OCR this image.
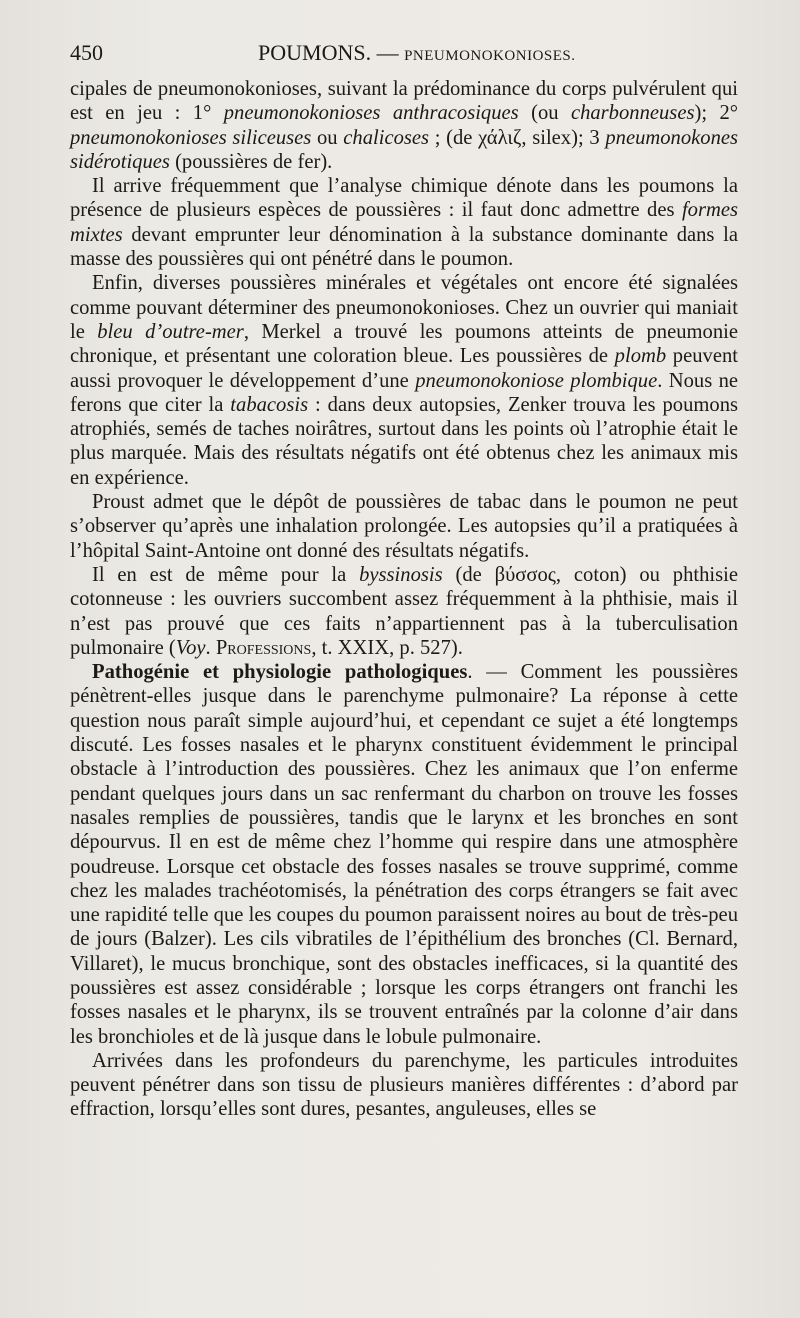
450	POUMONS. — PNEUMONOKONIOSES.

cipales de pneumonokonioses, suivant la prédominance du corps pulvérulent qui est en jeu : 1° pneumonokonioses anthracosiques (ou charbonneuses); 2° pneumonokonioses siliceuses ou chalicoses ; (de χάλιζ, silex); 3 pneumonokones sidérotiques (poussières de fer).

Il arrive fréquemment que l’analyse chimique dénote dans les poumons la présence de plusieurs espèces de poussières : il faut donc admettre des formes mixtes devant emprunter leur dénomination à la substance dominante dans la masse des poussières qui ont pénétré dans le poumon.

Enfin, diverses poussières minérales et végétales ont encore été signalées comme pouvant déterminer des pneumonokonioses. Chez un ouvrier qui maniait le bleu d’outre-mer, Merkel a trouvé les poumons atteints de pneumonie chronique, et présentant une coloration bleue. Les poussières de plomb peuvent aussi provoquer le développement d’une pneumonokoniose plombique. Nous ne ferons que citer la tabacosis : dans deux autopsies, Zenker trouva les poumons atrophiés, semés de taches noirâtres, surtout dans les points où l’atrophie était le plus marquée. Mais des résultats négatifs ont été obtenus chez les animaux mis en expérience.

Proust admet que le dépôt de poussières de tabac dans le poumon ne peut s’observer qu’après une inhalation prolongée. Les autopsies qu’il a pratiquées à l’hôpital Saint-Antoine ont donné des résultats négatifs.

Il en est de même pour la byssinosis (de βύσσος, coton) ou phthisie cotonneuse : les ouvriers succombent assez fréquemment à la phthisie, mais il n’est pas prouvé que ces faits n’appartiennent pas à la tuberculisation pulmonaire (Voy. Professions, t. XXIX, p. 527).

Pathogénie et physiologie pathologiques. — Comment les poussières pénètrent-elles jusque dans le parenchyme pulmonaire? La réponse à cette question nous paraît simple aujourd’hui, et cependant ce sujet a été longtemps discuté. Les fosses nasales et le pharynx constituent évidemment le principal obstacle à l’introduction des poussières. Chez les animaux que l’on enferme pendant quelques jours dans un sac renfermant du charbon on trouve les fosses nasales remplies de poussières, tandis que le larynx et les bronches en sont dépourvus. Il en est de même chez l’homme qui respire dans une atmosphère poudreuse. Lorsque cet obstacle des fosses nasales se trouve supprimé, comme chez les malades trachéotomisés, la pénétration des corps étrangers se fait avec une rapidité telle que les coupes du poumon paraissent noires au bout de très-peu de jours (Balzer). Les cils vibratiles de l’épithélium des bronches (Cl. Bernard, Villaret), le mucus bronchique, sont des obstacles inefficaces, si la quantité des poussières est assez considérable ; lorsque les corps étrangers ont franchi les fosses nasales et le pharynx, ils se trouvent entraînés par la colonne d’air dans les bronchioles et de là jusque dans le lobule pulmonaire.

Arrivées dans les profondeurs du parenchyme, les particules introduites peuvent pénétrer dans son tissu de plusieurs manières différentes : d’abord par effraction, lorsqu’elles sont dures, pesantes, anguleuses, elles se
